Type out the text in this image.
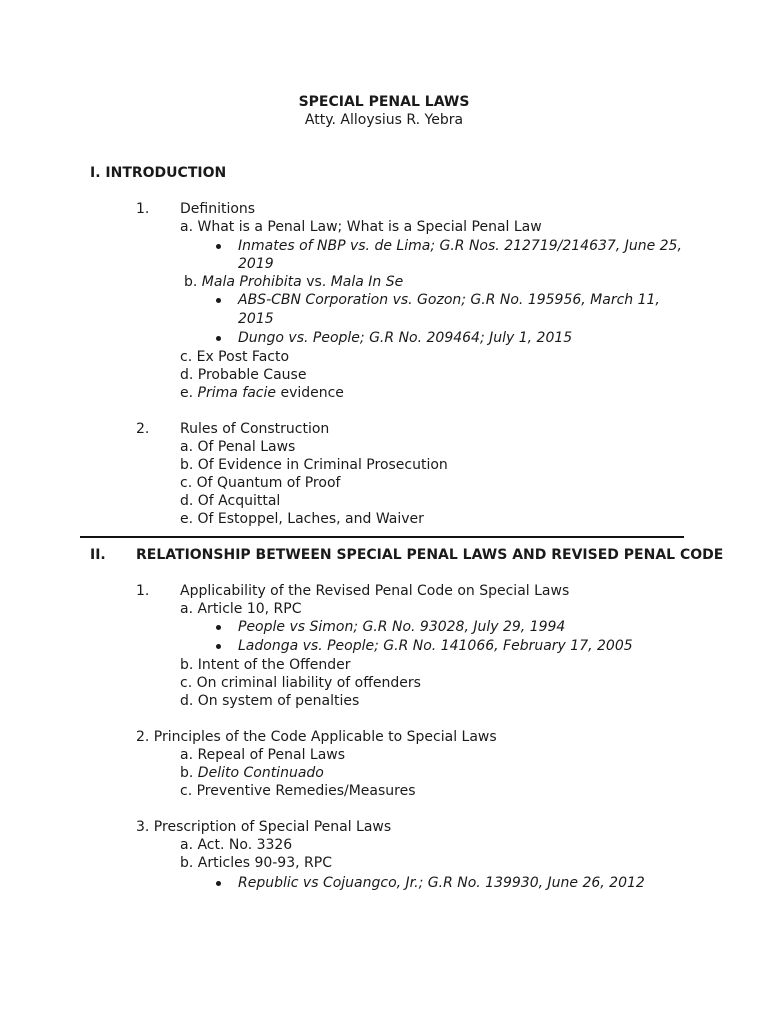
SPECIAL PENAL LAWS
Atty. Alloysius R. Yebra
I. INTRODUCTION
1. Definitions
a. What is a Penal Law; What is a Special Penal Law
Inmates of NBP vs. de Lima; G.R Nos. 212719/214637, June 25,
2019
b. Mala Prohibita vs. Mala In Se
ABS-CBN Corporation vs. Gozon; G.R No. 195956, March 11,
2015
Dungo vs. People; G.R No. 209464; July 1, 2015
c. Ex Post Facto
d. Probable Cause
e. Prima facie evidence
2. Rules of Construction
a. Of Penal Laws
b. Of Evidence in Criminal Prosecution
c. Of Quantum of Proof
d. Of Acquittal
e. Of Estoppel, Laches, and Waiver
II. RELATIONSHIP BETWEEN SPECIAL PENAL LAWS AND REVISED PENAL CODE
1. Applicability of the Revised Penal Code on Special Laws
a. Article 10, RPC
People vs Simon; G.R No. 93028, July 29, 1994
Ladonga vs. People; G.R No. 141066, February 17, 2005
b. Intent of the Offender
c. On criminal liability of offenders
d. On system of penalties
2. Principles of the Code Applicable to Special Laws
a. Repeal of Penal Laws
b. Delito Continuado
c. Preventive Remedies/Measures
3. Prescription of Special Penal Laws
a. Act. No. 3326
b. Articles 90-93, RPC
Republic vs Cojuangco, Jr.; G.R No. 139930, June 26, 2012
